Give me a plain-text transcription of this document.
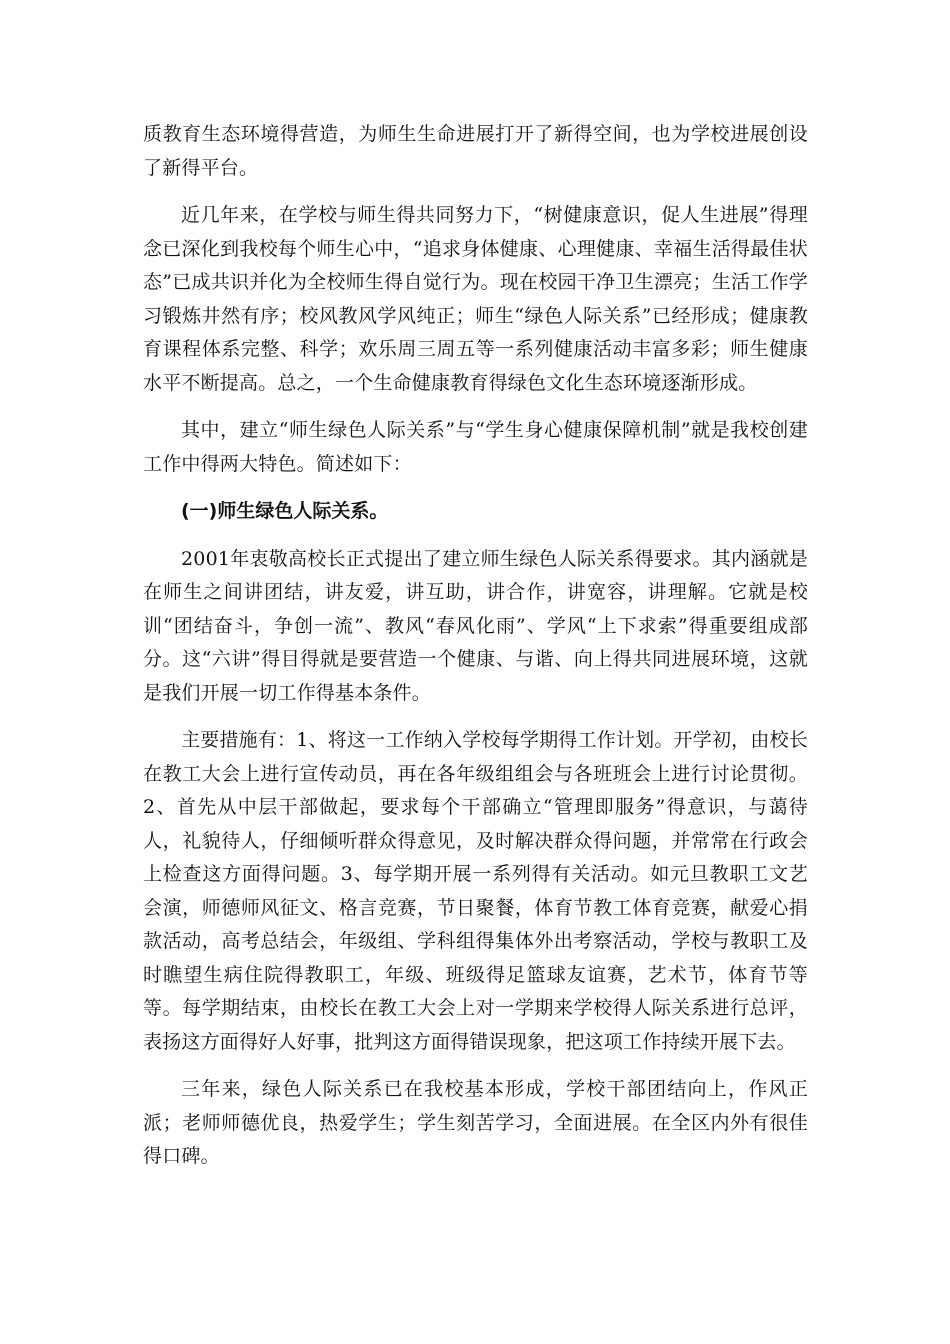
质教育生态环境得营造，为师生生命进展打开了新得空间，也为学校进展创设了新得平台。

近几年来，在学校与师生得共同努力下，“树健康意识，促人生进展”得理念已深化到我校每个师生心中，“追求身体健康、心理健康、幸福生活得最佳状态”已成共识并化为全校师生得自觉行为。现在校园干净卫生漂亮；生活工作学习锻炼井然有序；校风教风学风纯正；师生“绿色人际关系”已经形成；健康教育课程体系完整、科学；欢乐周三周五等一系列健康活动丰富多彩；师生健康水平不断提高。总之，一个生命健康教育得绿色文化生态环境逐渐形成。

其中，建立“师生绿色人际关系”与“学生身心健康保障机制”就是我校创建工作中得两大特色。简述如下：

(一)师生绿色人际关系。

2001年衷敬高校长正式提出了建立师生绿色人际关系得要求。其内涵就是在师生之间讲团结，讲友爱，讲互助，讲合作，讲宽容，讲理解。它就是校训“团结奋斗，争创一流”、教风“春风化雨”、学风“上下求索”得重要组成部分。这“六讲”得目得就是要营造一个健康、与谐、向上得共同进展环境，这就是我们开展一切工作得基本条件。

主要措施有：1、将这一工作纳入学校每学期得工作计划。开学初，由校长在教工大会上进行宣传动员，再在各年级组组会与各班班会上进行讨论贯彻。2、首先从中层干部做起，要求每个干部确立“管理即服务”得意识，与蔼待人，礼貌待人，仔细倾听群众得意见，及时解决群众得问题，并常常在行政会上检查这方面得问题。3、每学期开展一系列得有关活动。如元旦教职工文艺会演，师德师风征文、格言竞赛，节日聚餐，体育节教工体育竞赛，献爱心捐款活动，高考总结会，年级组、学科组得集体外出考察活动，学校与教职工及时瞧望生病住院得教职工，年级、班级得足篮球友谊赛，艺术节，体育节等等。每学期结束，由校长在教工大会上对一学期来学校得人际关系进行总评，表扬这方面得好人好事，批判这方面得错误现象，把这项工作持续开展下去。

三年来，绿色人际关系已在我校基本形成，学校干部团结向上，作风正派；老师师德优良，热爱学生；学生刻苦学习，全面进展。在全区内外有很佳得口碑。
